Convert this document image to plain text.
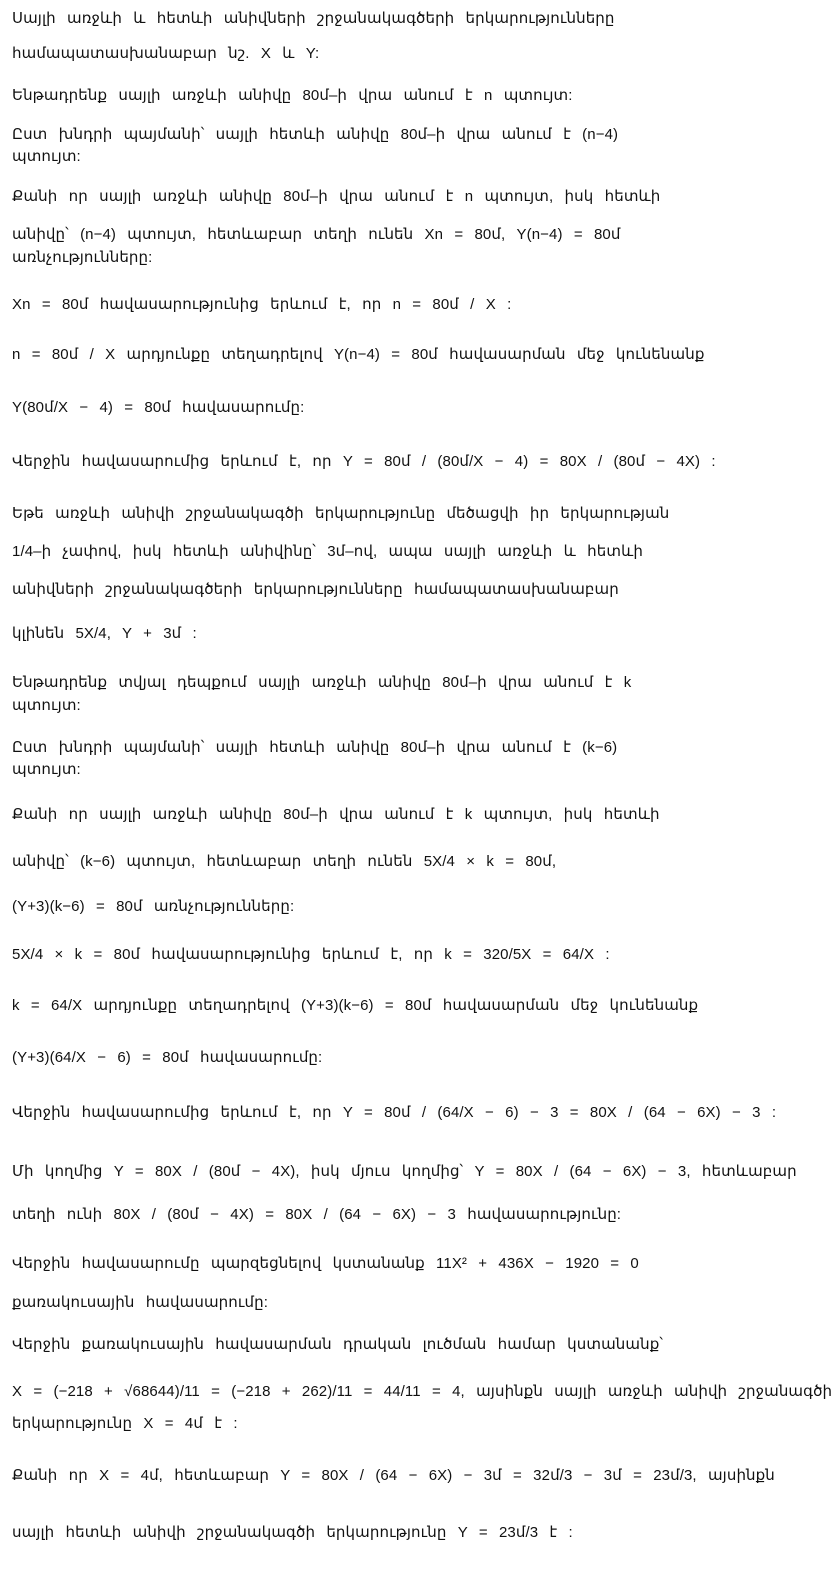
Սայլի առջևի և հետևի անիվների շրջանակագծերի երկարությունները
համապատասխանաբար նշ. X և Y:
Ենթադրենք սայլի առջևի անիվը 80մ–ի վրա անում է n պտույտ:
Ըստ խնդրի պայմանի՝ սայլի հետևի անիվը 80մ–ի վրա անում է (n−4)
պտույտ:
Քանի որ սայլի առջևի անիվը 80մ–ի վրա անում է n պտույտ, իսկ հետևի
անիվը՝ (n−4) պտույտ, հետևաբար տեղի ունեն Xn = 80մ, Y(n−4) = 80մ
առնչությունները:
Xn = 80մ հավասարությունից երևում է, որ n = 80մ / X :
n = 80մ / X արդյունքը տեղադրելով Y(n−4) = 80մ հավասարման մեջ կունենանք
Y(80մ/X − 4) = 80մ հավասարումը:
Վերջին հավասարումից երևում է, որ Y = 80մ / (80մ/X − 4) = 80X / (80մ − 4X) :
Եթե առջևի անիվի շրջանակագծի երկարությունը մեծացվի իր երկարության
1/4–ի չափով, իսկ հետևի անիվինը՝ 3մ–ով, ապա սայլի առջևի և հետևի
անիվների շրջանակագծերի երկարությունները համապատասխանաբար
կլինեն 5X/4, Y + 3մ :
Ենթադրենք տվյալ դեպքում սայլի առջևի անիվը 80մ–ի վրա անում է k
պտույտ:
Ըստ խնդրի պայմանի՝ սայլի հետևի անիվը 80մ–ի վրա անում է (k−6)
պտույտ:
Քանի որ սայլի առջևի անիվը 80մ–ի վրա անում է k պտույտ, իսկ հետևի
անիվը՝ (k−6) պտույտ, հետևաբար տեղի ունեն 5X/4 × k = 80մ,
(Y+3)(k−6) = 80մ առնչությունները:
5X/4 × k = 80մ հավասարությունից երևում է, որ k = 320/5X = 64/X :
k = 64/X արդյունքը տեղադրելով (Y+3)(k−6) = 80մ հավասարման մեջ կունենանք
(Y+3)(64/X − 6) = 80մ հավասարումը:
Վերջին հավասարումից երևում է, որ Y = 80մ / (64/X − 6) − 3 = 80X / (64 − 6X) − 3 :
Մի կողմից Y = 80X / (80մ − 4X), իսկ մյուս կողմից՝ Y = 80X / (64 − 6X) − 3, հետևաբար
տեղի ունի 80X / (80մ − 4X) = 80X / (64 − 6X) − 3 հավասարությունը:
Վերջին հավասարումը պարզեցնելով կստանանք 11X² + 436X − 1920 = 0
քառակուսային հավասարումը:
Վերջին քառակուսային հավասարման դրական լուծման համար կստանանք՝
X = (−218 + √68644)/11 = (−218 + 262)/11 = 44/11 = 4, այսինքն սայլի առջևի անիվի շրջանագծի
երկարությունը X = 4մ է :
Քանի որ X = 4մ, հետևաբար Y = 80X / (64 − 6X) − 3մ = 32մ/3 − 3մ = 23մ/3, այսինքն
սայլի հետևի անիվի շրջանակագծի երկարությունը Y = 23մ/3 է :
